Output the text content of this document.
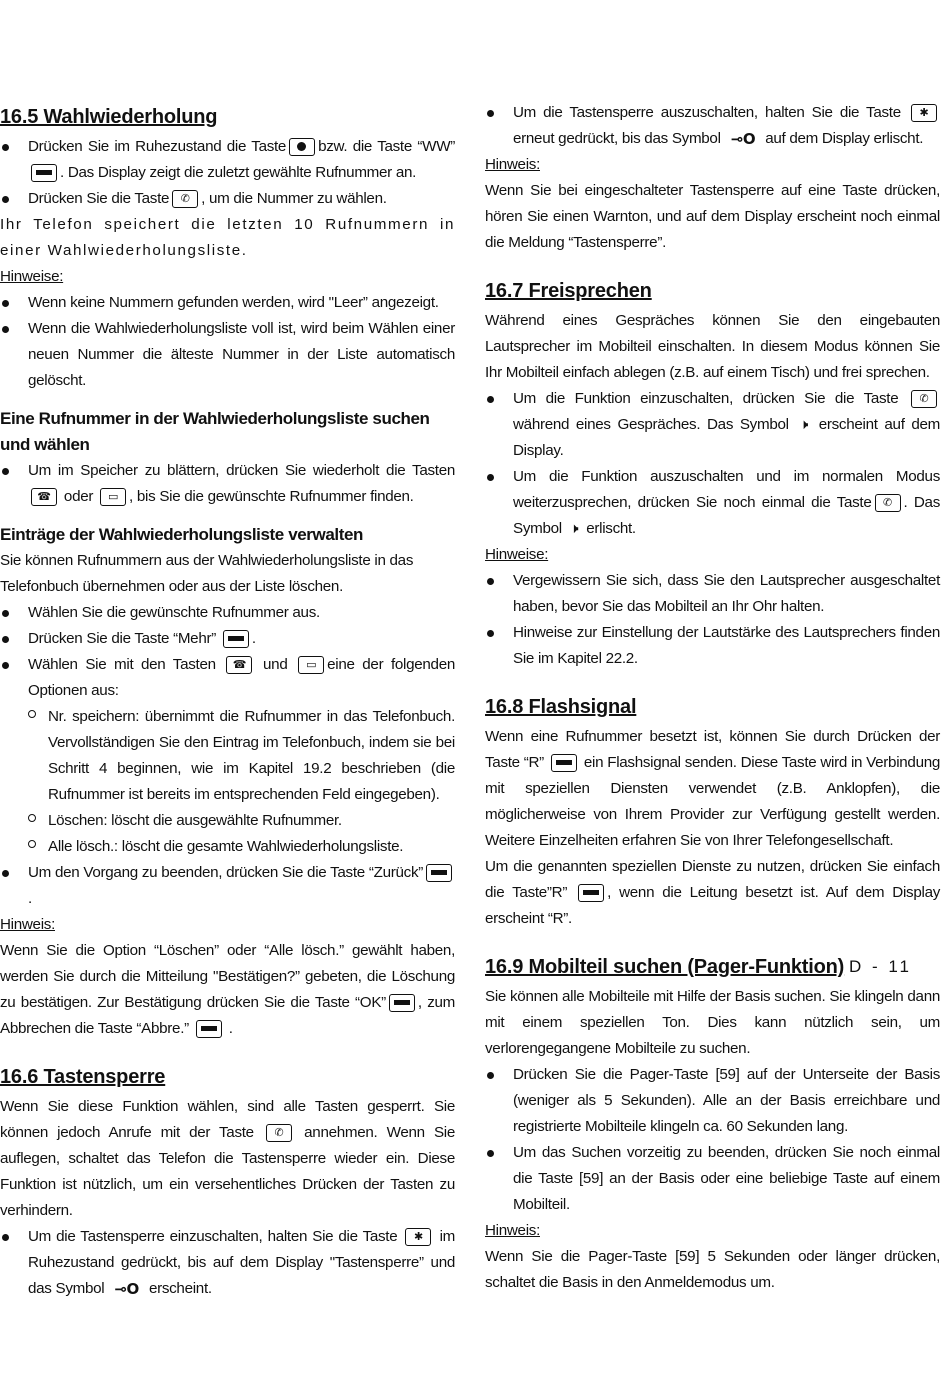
16.5 Wahlwiederholung
Drücken Sie im Ruhezustand die Taste bzw. die Taste “WW”. Das Display zeigt die zuletzt gewählte Rufnummer an.
Drücken Sie die Taste ✆ , um die Nummer zu wählen.

Ihr Telefon speichert die letzten 10 Rufnummern in einer Wahlwiederholungsliste.

Hinweise:
Wenn keine Nummern gefunden werden, wird "Leer” angezeigt.
Wenn die Wahlwiederholungsliste voll ist, wird beim Wählen einer neuen Nummer die älteste Nummer in der Liste automatisch gelöscht.
Eine Rufnummer in der Wahlwiederholungsliste suchen und wählen
Um im Speicher zu blättern, drücken Sie wiederholt die Tasten ☎ oder ▭ , bis Sie die gewünschte Rufnummer finden.
Einträge der Wahlwiederholungsliste verwalten

Sie können Rufnummern aus der Wahlwiederholungsliste in das Telefonbuch übernehmen oder aus der Liste löschen.

Wählen Sie die gewünschte Rufnummer aus.
Drücken Sie die Taste “Mehr” .
Wählen Sie mit den Tasten ☎ und ▭ eine der folgenden Optionen aus:
Nr. speichern: übernimmt die Rufnummer in das Telefonbuch. Vervollständigen Sie den Eintrag im Telefonbuch, indem sie bei Schritt 4 beginnen, wie im Kapitel 19.2 beschrieben (die Rufnummer ist bereits im entsprechenden Feld eingegeben).
Löschen: löscht die ausgewählte Rufnummer.
Alle lösch.: löscht die gesamte Wahlwiederholungsliste.
Um den Vorgang zu beenden, drücken Sie die Taste “Zurück”.
Hinweis:

Wenn Sie die Option “Löschen” oder “Alle lösch.” gewählt haben, werden Sie durch die Mitteilung "Bestätigen?” gebeten, die Löschung zu bestätigen. Zur Bestätigung drücken Sie die Taste “OK” , zum Abbrechen die Taste “Abbre.”	.

16.6 Tastensperre

Wenn Sie diese Funktion wählen, sind alle Tasten gesperrt. Sie können jedoch Anrufe mit der Taste ✆ annehmen. Wenn Sie auflegen, schaltet das Telefon die Tastensperre wieder ein. Diese Funktion ist nützlich, um ein versehentliches Drücken der Tasten zu verhindern.

Um die Tastensperre einzuschalten, halten Sie die Taste ✱ im Ruhezustand gedrückt, bis auf dem Display "Tastensperre” und das Symbol ⊸O erscheint.
Um die Tastensperre auszuschalten, halten Sie die Taste ✱ erneut gedrückt, bis das Symbol ⊸O auf dem Display erlischt.
Hinweis:

Wenn Sie bei eingeschalteter Tastensperre auf eine Taste drücken, hören Sie einen Warnton, und auf dem Display erscheint noch einmal die Meldung “Tastensperre”.

16.7 Freisprechen

Während eines Gespräches können Sie den eingebauten Lautsprecher im Mobilteil einschalten. In diesem Modus können Sie Ihr Mobilteil einfach ablegen (z.B. auf einem Tisch) und frei sprechen.

Um die Funktion einzuschalten, drücken Sie die Taste ✆ während eines Gespräches. Das Symbol 🕨 erscheint auf dem Display.
Um die Funktion auszuschalten und im normalen Modus weiterzusprechen, drücken Sie noch einmal die Taste ✆ . Das Symbol 🕨 erlischt.
Hinweise:
Vergewissern Sie sich, dass Sie den Lautsprecher ausgeschaltet haben, bevor Sie das Mobilteil an Ihr Ohr halten.
Hinweise zur Einstellung der Lautstärke des Lautsprechers finden Sie im Kapitel 22.2.
16.8 Flashsignal

Wenn eine Rufnummer besetzt ist, können Sie durch Drücken der Taste “R”	ein Flashsignal senden. Diese Taste wird in Verbindung mit speziellen Diensten verwendet (z.B. Anklopfen), die möglicherweise von Ihrem Provider zur Verfügung gestellt werden. Weitere Einzelheiten erfahren Sie von Ihrer Telefongesellschaft.

Um die genannten speziellen Dienste zu nutzen, drücken Sie einfach die Taste”R”	, wenn die Leitung besetzt ist. Auf dem Display erscheint “R”.

16.9 Mobilteil suchen (Pager-Funktion)

Sie können alle Mobilteile mit Hilfe der Basis suchen. Sie klingeln dann mit einem speziellen Ton. Dies kann nützlich sein, um verlorengegangene Mobilteile zu suchen.

Drücken Sie die Pager-Taste [59] auf der Unterseite der Basis (weniger als 5 Sekunden). Alle an der Basis erreichbare und registrierte Mobilteile klingeln ca. 60 Sekunden lang.
Um das Suchen vorzeitig zu beenden, drücken Sie noch einmal die Taste [59] an der Basis oder eine beliebige Taste auf einem Mobilteil.
Hinweis:

Wenn Sie die Pager-Taste [59] 5 Sekunden oder länger drücken, schaltet die Basis in den Anmeldemodus um.

D - 11
